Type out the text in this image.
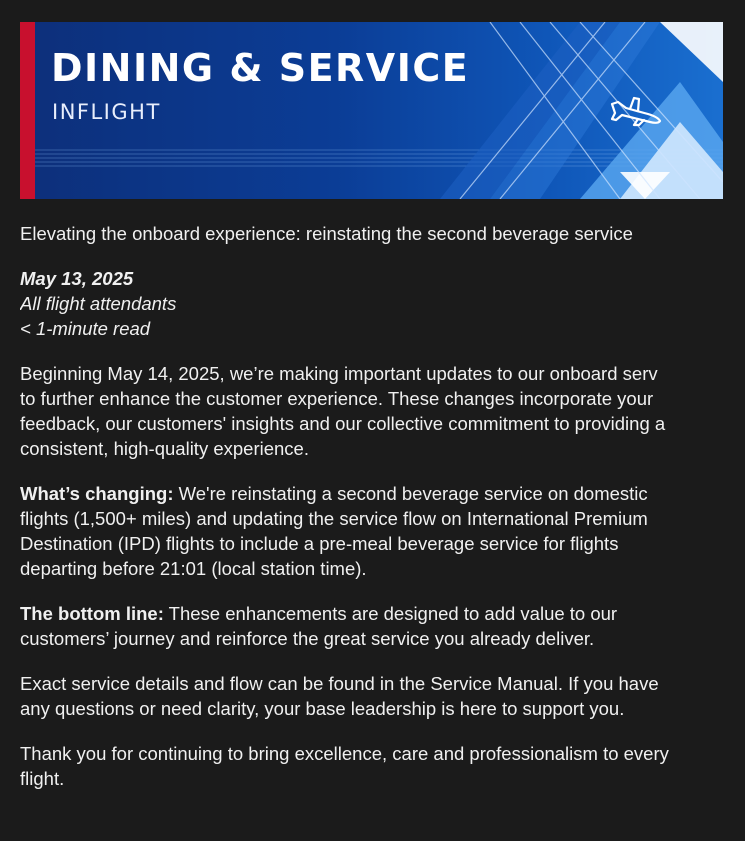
DINING & SERVICE
INFLIGHT
Elevating the onboard experience: reinstating the second beverage service
May 13, 2025
All flight attendants
< 1-minute read
Beginning May 14, 2025, we’re making important updates to our onboard serv
to further enhance the customer experience. These changes incorporate your
feedback, our customers' insights and our collective commitment to providing a
consistent, high-quality experience.
What’s changing: We're reinstating a second beverage service on domestic
flights (1,500+ miles) and updating the service flow on International Premium
Destination (IPD) flights to include a pre-meal beverage service for flights
departing before 21:01 (local station time).
The bottom line: These enhancements are designed to add value to our
customers’ journey and reinforce the great service you already deliver.
Exact service details and flow can be found in the Service Manual. If you have
any questions or need clarity, your base leadership is here to support you.
Thank you for continuing to bring excellence, care and professionalism to every
flight.
